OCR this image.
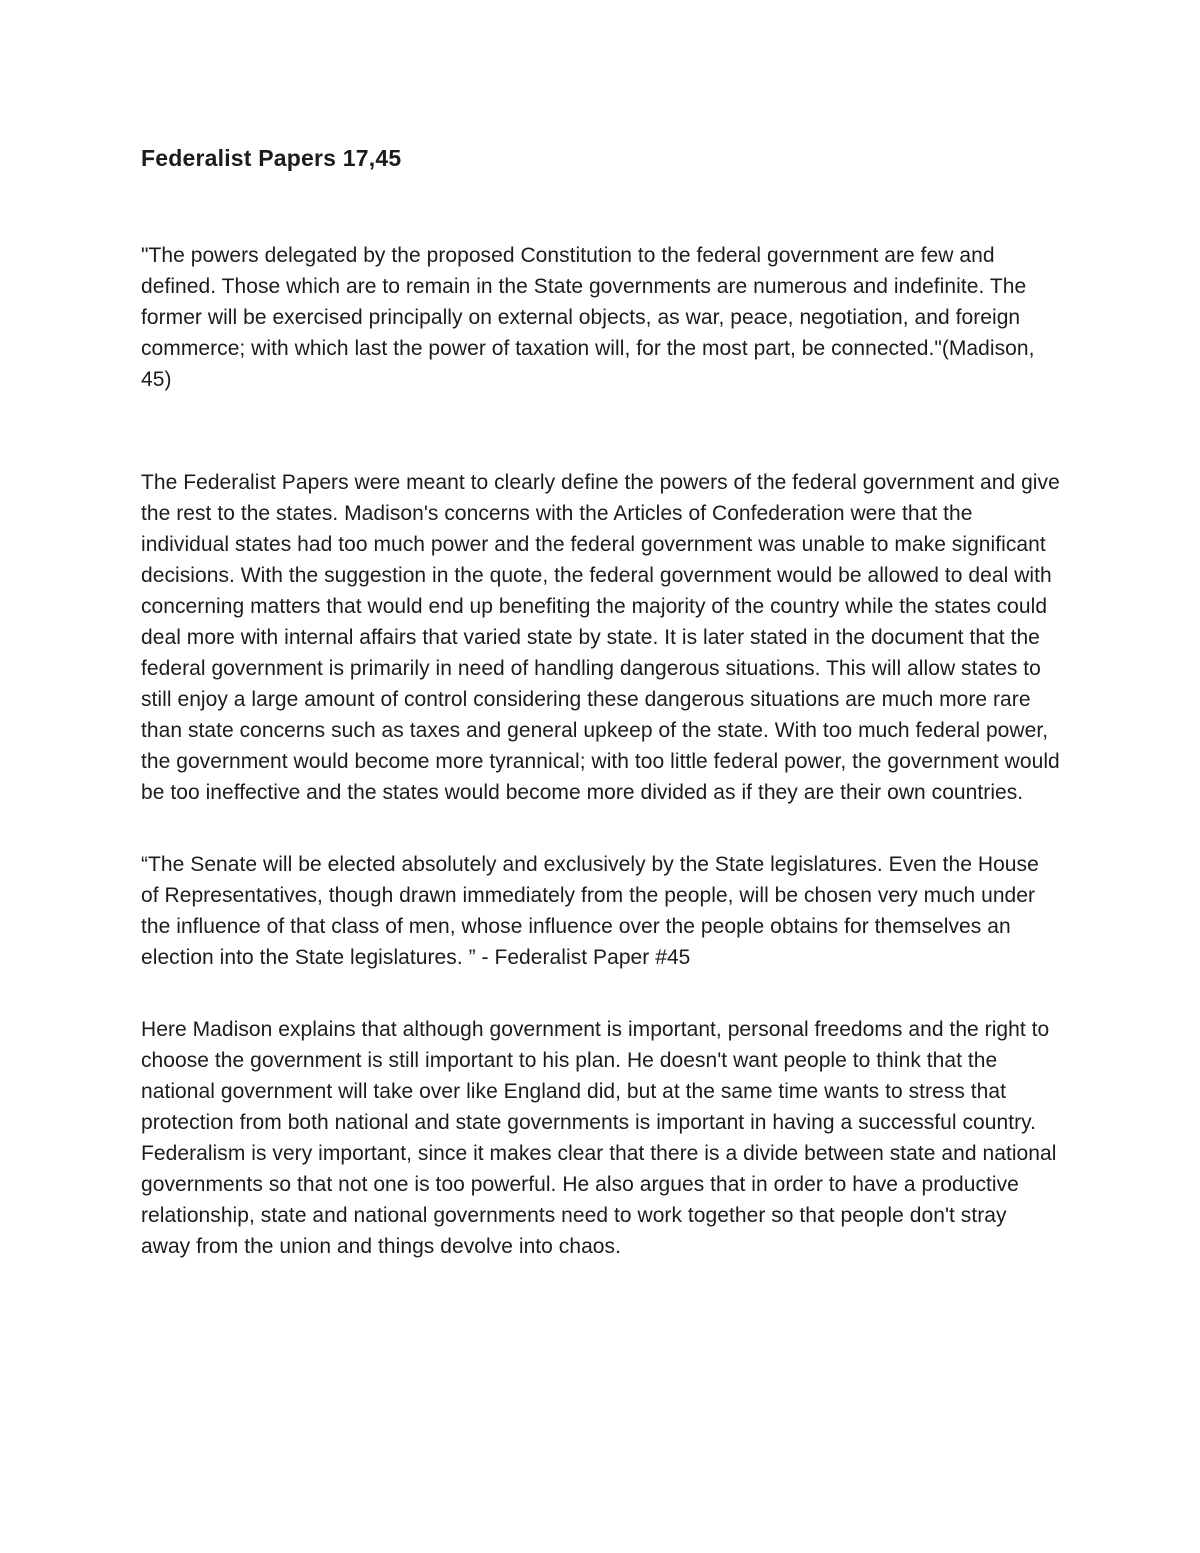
Federalist Papers 17,45

"The powers delegated by the proposed Constitution to the federal government are few and defined. Those which are to remain in the State governments are numerous and indefinite. The former will be exercised principally on external objects, as war, peace, negotiation, and foreign commerce; with which last the power of taxation will, for the most part, be connected."(Madison, 45)

The Federalist Papers were meant to clearly define the powers of the federal government and give the rest to the states. Madison's concerns with the Articles of Confederation were that the individual states had too much power and the federal government was unable to make significant decisions. With the suggestion in the quote, the federal government would be allowed to deal with concerning matters that would end up benefiting the majority of the country while the states could deal more with internal affairs that varied state by state. It is later stated in the document that the federal government is primarily in need of handling dangerous situations. This will allow states to still enjoy a large amount of control considering these dangerous situations are much more rare than state concerns such as taxes and general upkeep of the state. With too much federal power, the government would become more tyrannical; with too little federal power, the government would be too ineffective and the states would become more divided as if they are their own countries.

“The Senate will be elected absolutely and exclusively by the State legislatures. Even the House of Representatives, though drawn immediately from the people, will be chosen very much under the influence of that class of men, whose influence over the people obtains for themselves an election into the State legislatures. ” - Federalist Paper #45

Here Madison explains that although government is important, personal freedoms and the right to choose the government is still important to his plan. He doesn't want people to think that the national government will take over like England did, but at the same time wants to stress that protection from both national and state governments is important in having a successful country. Federalism is very important, since it makes clear that there is a divide between state and national governments so that not one is too powerful. He also argues that in order to have a productive relationship, state and national governments need to work together so that people don't stray away from the union and things devolve into chaos.
